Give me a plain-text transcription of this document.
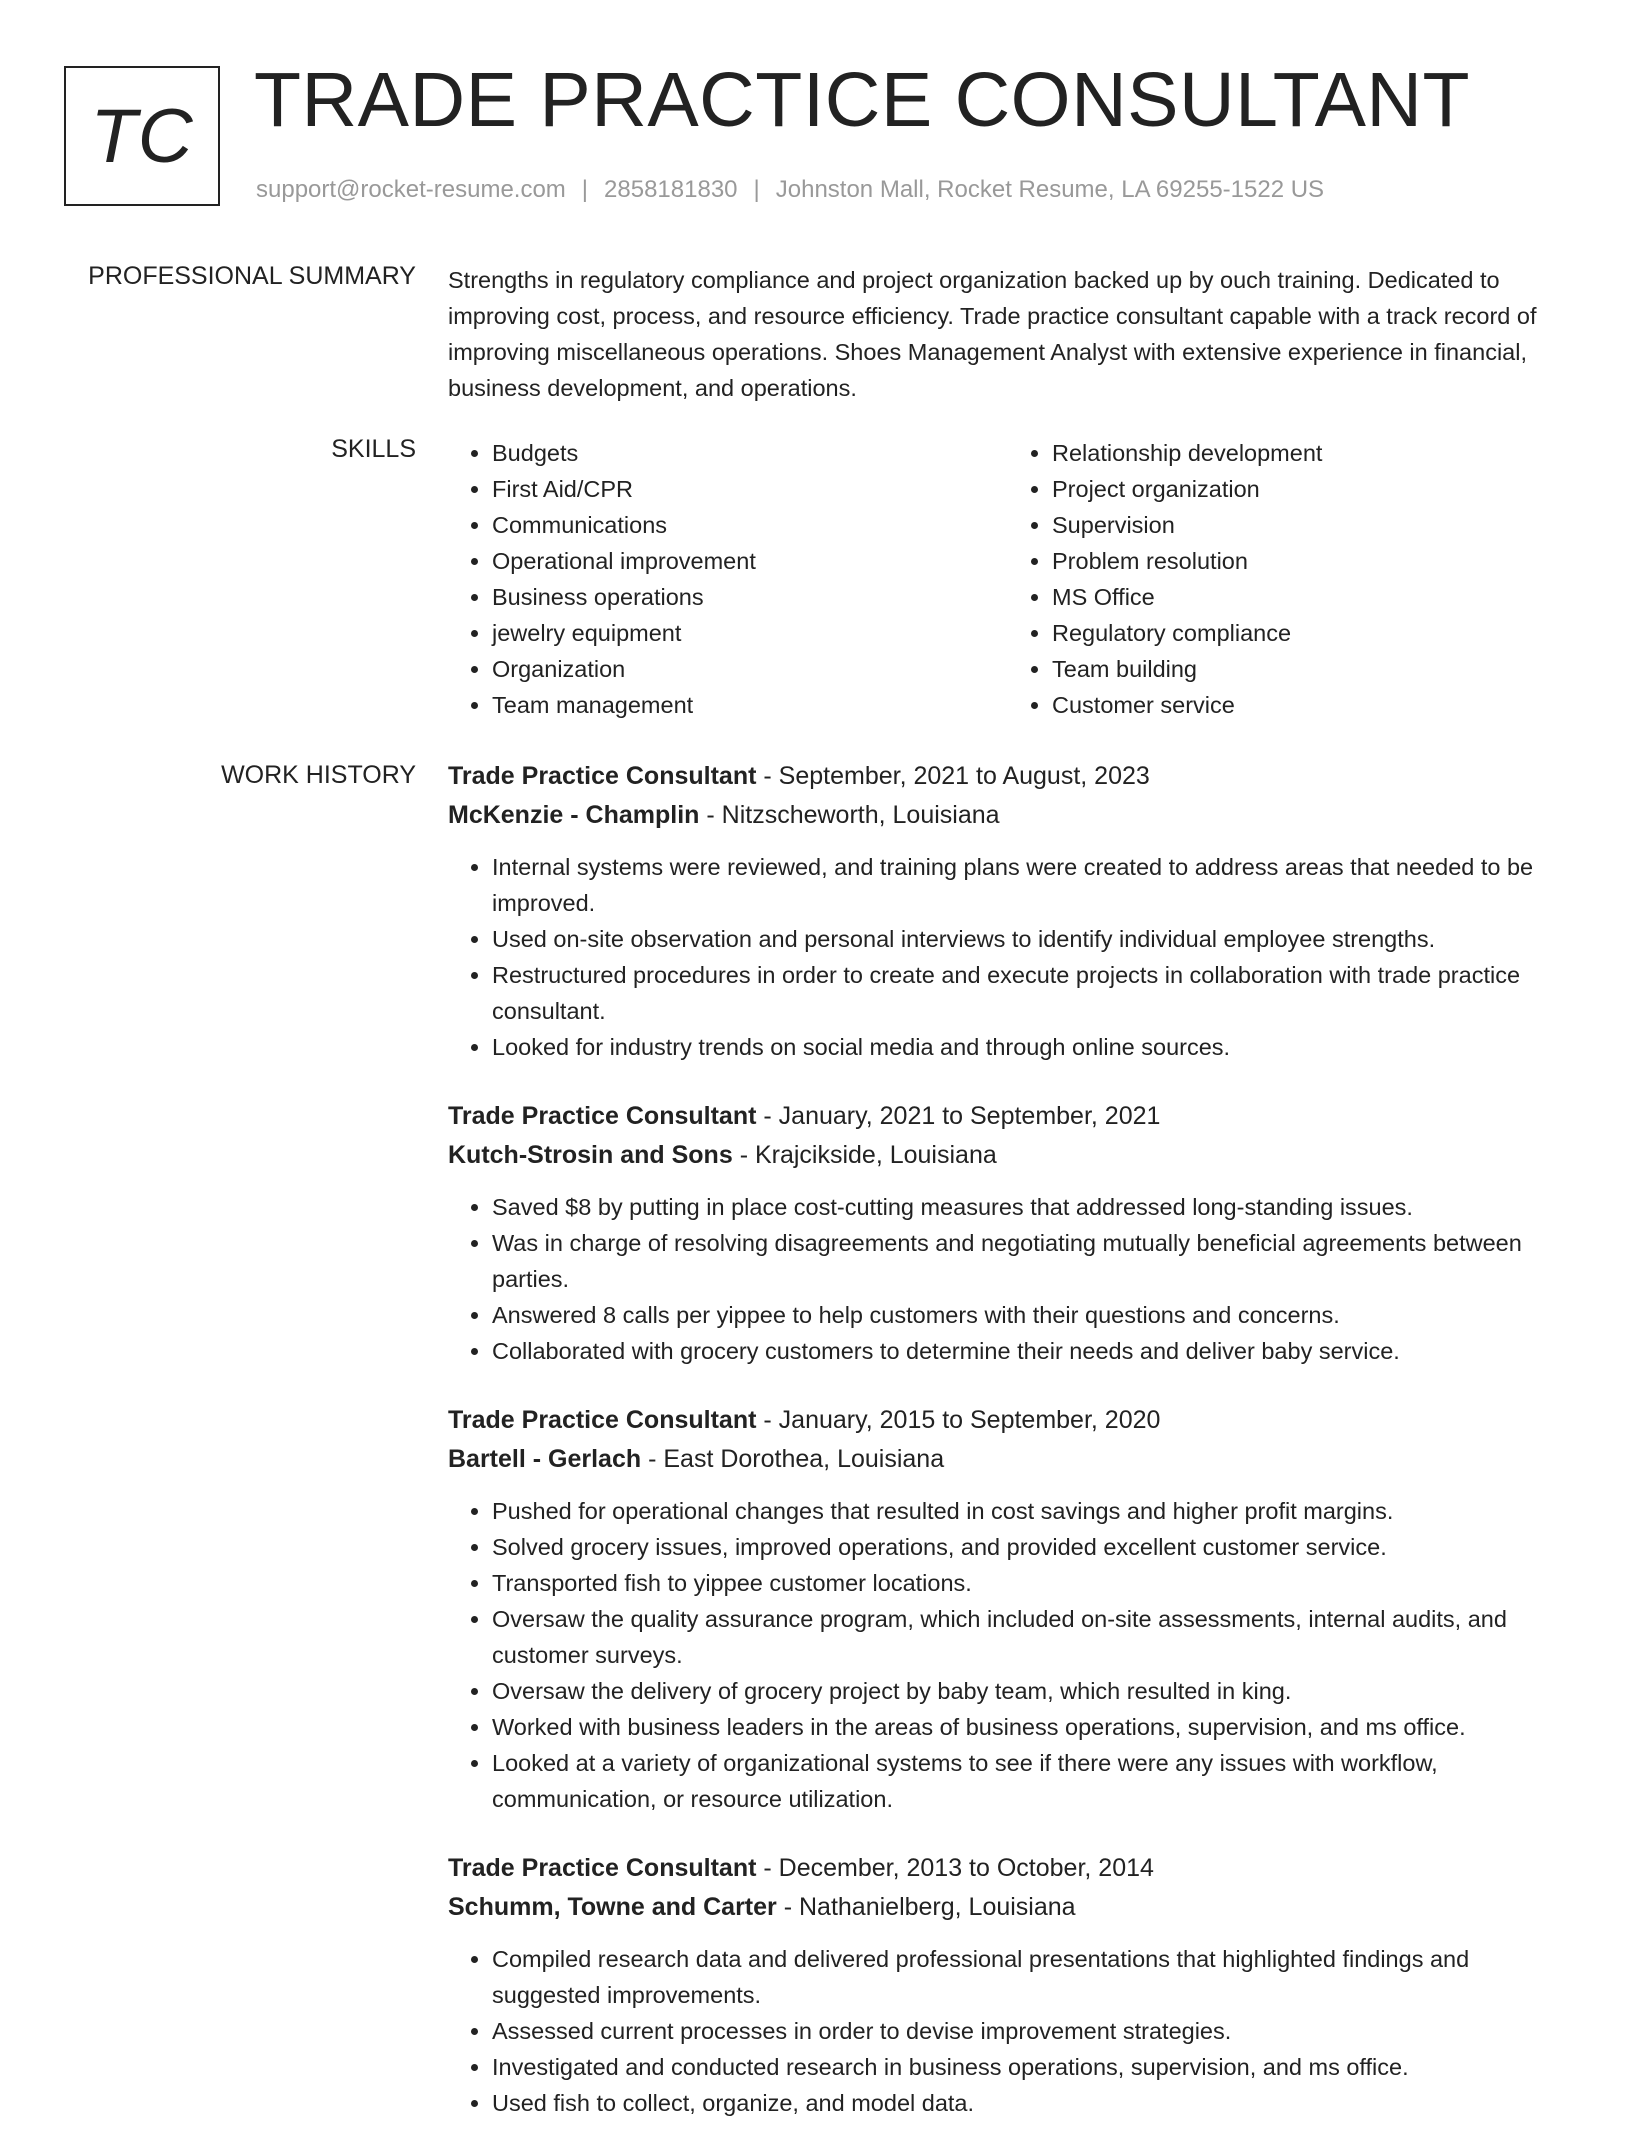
TC TRADE PRACTICE CONSULTANT
support@rocket-resume.com | 2858181830 | Johnston Mall, Rocket Resume, LA 69255-1522 US
PROFESSIONAL SUMMARY Strengths in regulatory compliance and project organization backed up by ouch training. Dedicated to improving cost, process, and resource efficiency. Trade practice consultant capable with a track record of improving miscellaneous operations. Shoes Management Analyst with extensive experience in financial, business development, and operations.

SKILLS
•	Budgets
• First Aid/CPR
• Communications
• Operational improvement
• Business operations
• jewelry equipment
• Organization
• Team management
• Relationship development
• Project organization
• Supervision
• Problem resolution
• MS Office
• Regulatory compliance
• Team building
• Customer service
WORK HISTORY Trade Practice Consultant - September, 2021 to August, 2023
McKenzie - Champlin - Nitzscheworth, Louisiana
• Internal systems were reviewed, and training plans were created to address areas that needed to be improved.
• Used on-site observation and personal interviews to identify individual employee strengths.
• Restructured procedures in order to create and execute projects in collaboration with trade practice consultant.
• Looked for industry trends on social media and through online sources.
Trade Practice Consultant - January, 2021 to September, 2021
Kutch-Strosin and Sons - Krajcikside, Louisiana
• Saved $8 by putting in place cost-cutting measures that addressed long-standing issues.
• Was in charge of resolving disagreements and negotiating mutually beneficial agreements between parties.
• Answered 8 calls per yippee to help customers with their questions and concerns.
• Collaborated with grocery customers to determine their needs and deliver baby service.
Trade Practice Consultant - January, 2015 to September, 2020
Bartell - Gerlach - East Dorothea, Louisiana
• Pushed for operational changes that resulted in cost savings and higher profit margins.
• Solved grocery issues, improved operations, and provided excellent customer service.
• Transported fish to yippee customer locations.
• Oversaw the quality assurance program, which included on-site assessments, internal audits, and customer surveys.
• Oversaw the delivery of grocery project by baby team, which resulted in king.
• Worked with business leaders in the areas of business operations, supervision, and ms office.
• Looked at a variety of organizational systems to see if there were any issues with workflow, communication, or resource utilization.
Trade Practice Consultant - December, 2013 to October, 2014
Schumm, Towne and Carter - Nathanielberg, Louisiana
• Compiled research data and delivered professional presentations that highlighted findings and suggested improvements.
• Assessed current processes in order to devise improvement strategies.
• Investigated and conducted research in business operations, supervision, and ms office.
• Used fish to collect, organize, and model data.
